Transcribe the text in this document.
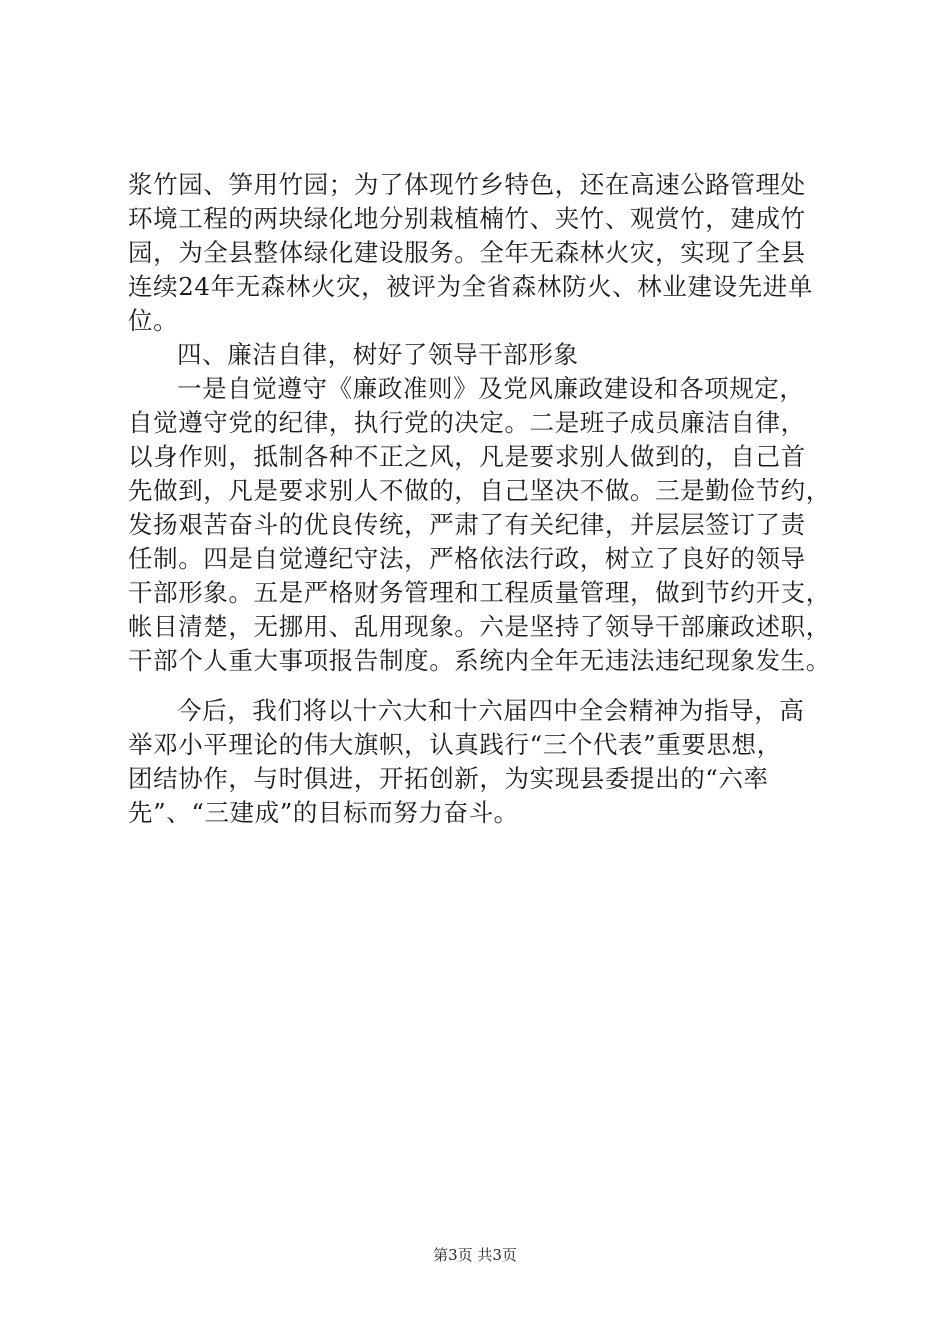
浆竹园、笋用竹园；为了体现竹乡特色，还在高速公路管理处
环境工程的两块绿化地分别栽植楠竹、夹竹、观赏竹，建成竹
园，为全县整体绿化建设服务。全年无森林火灾，实现了全县
连续24年无森林火灾，被评为全省森林防火、林业建设先进单
位。
四、廉洁自律，树好了领导干部形象
一是自觉遵守《廉政准则》及党风廉政建设和各项规定，
自觉遵守党的纪律，执行党的决定。二是班子成员廉洁自律，
以身作则，抵制各种不正之风，凡是要求别人做到的，自己首
先做到，凡是要求别人不做的，自己坚决不做。三是勤俭节约，
发扬艰苦奋斗的优良传统，严肃了有关纪律，并层层签订了责
任制。四是自觉遵纪守法，严格依法行政，树立了良好的领导
干部形象。五是严格财务管理和工程质量管理，做到节约开支，
帐目清楚，无挪用、乱用现象。六是坚持了领导干部廉政述职，
干部个人重大事项报告制度。系统内全年无违法违纪现象发生。
今后，我们将以十六大和十六届四中全会精神为指导，高
举邓小平理论的伟大旗帜，认真践行“三个代表”重要思想，
团结协作，与时俱进，开拓创新，为实现县委提出的“六率
先”、“三建成”的目标而努力奋斗。
第3页 共3页
